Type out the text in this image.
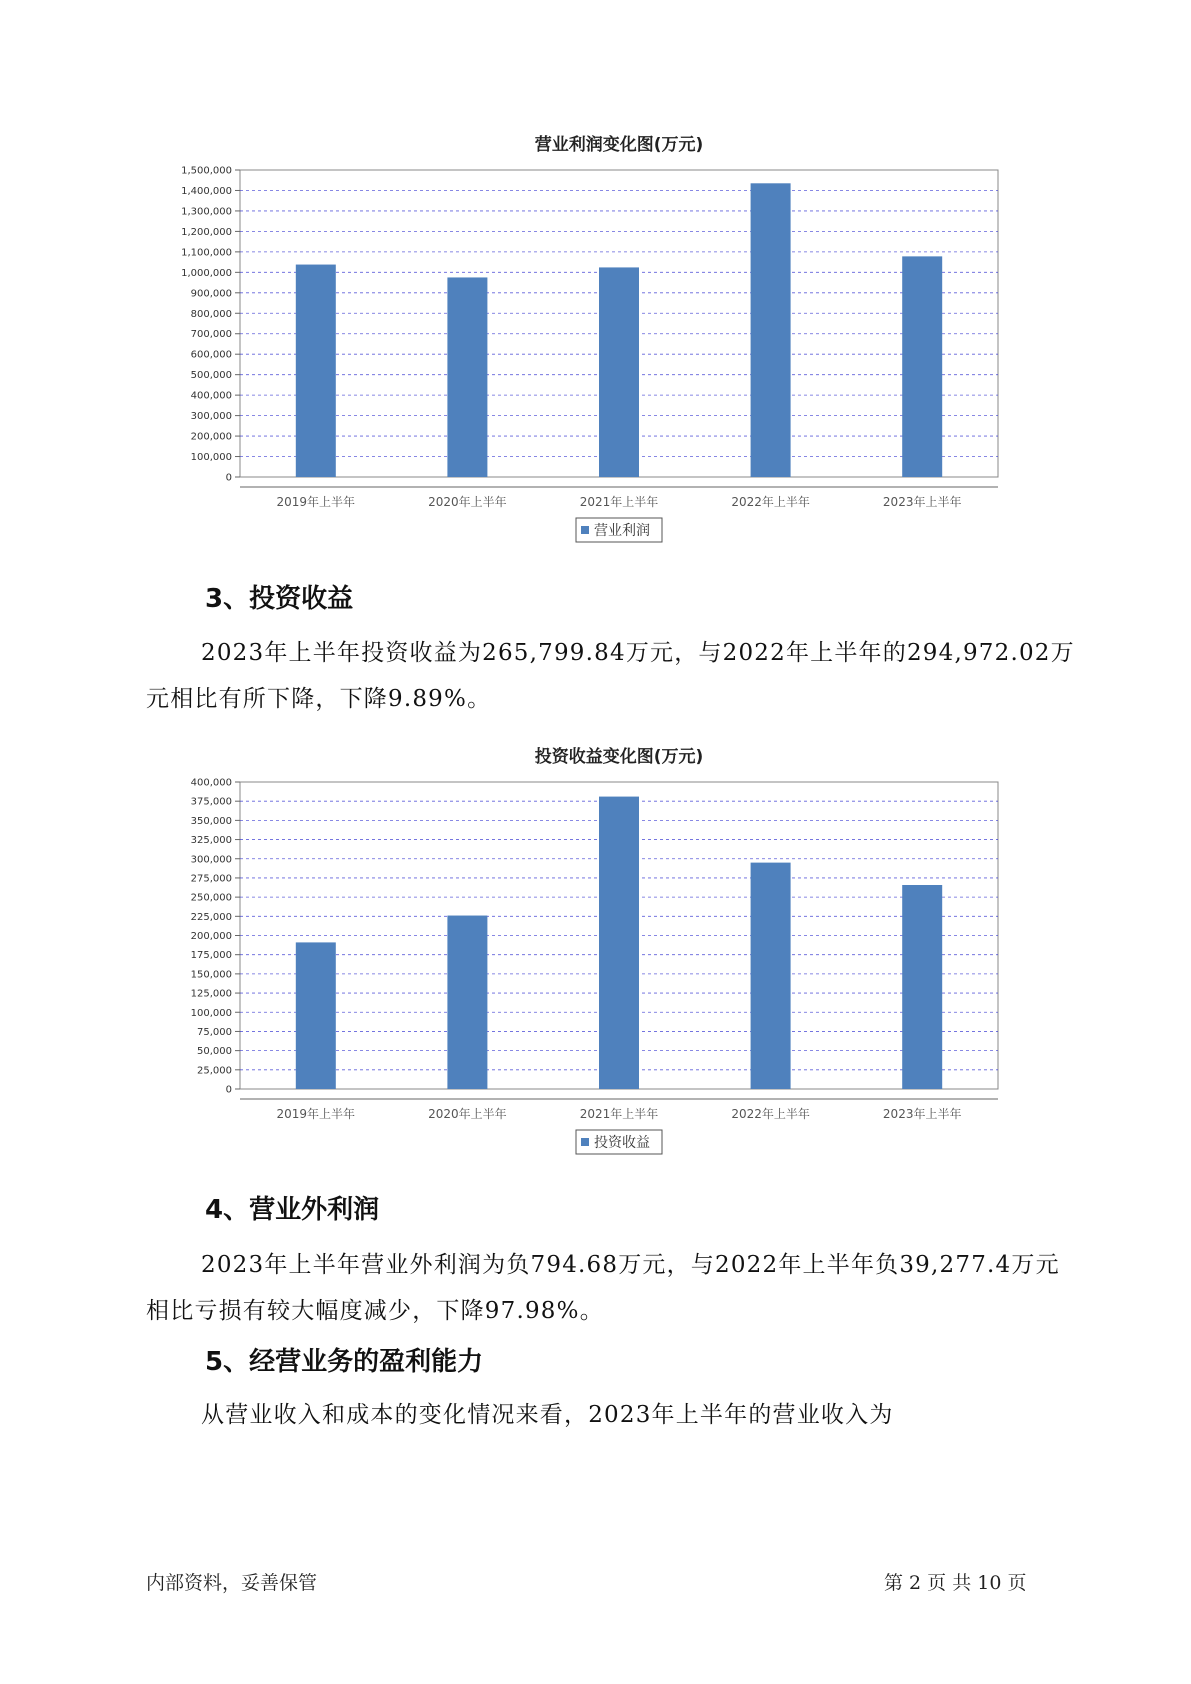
营业利润变化图(万元)
0
100,000
200,000
300,000
400,000
500,000
600,000
700,000
800,000
900,000
1,000,000
1,100,000
1,200,000
1,300,000
1,400,000
1,500,000
2019年上半年	2020年上半年	2021年上半年	2022年上半年	2023年上半年
营业利润
3、投资收益

2023年上半年投资收益为265,799.84万元，与2022年上半年的294,972.02万元相比有所下降，下降9.89%。

投资收益变化图(万元)
0
25,000
50,000
75,000
100,000
125,000
150,000
175,000
200,000
225,000
250,000
275,000
300,000
325,000
350,000
375,000
400,000
2019年上半年	2020年上半年	2021年上半年	2022年上半年	2023年上半年
投资收益
4、营业外利润

2023年上半年营业外利润为负794.68万元，与2022年上半年负39,277.4万元相比亏损有较大幅度减少，下降97.98%。

5、经营业务的盈利能力

从营业收入和成本的变化情况来看，2023年上半年的营业收入为

内部资料，妥善保管	第 2 页 共 10 页
